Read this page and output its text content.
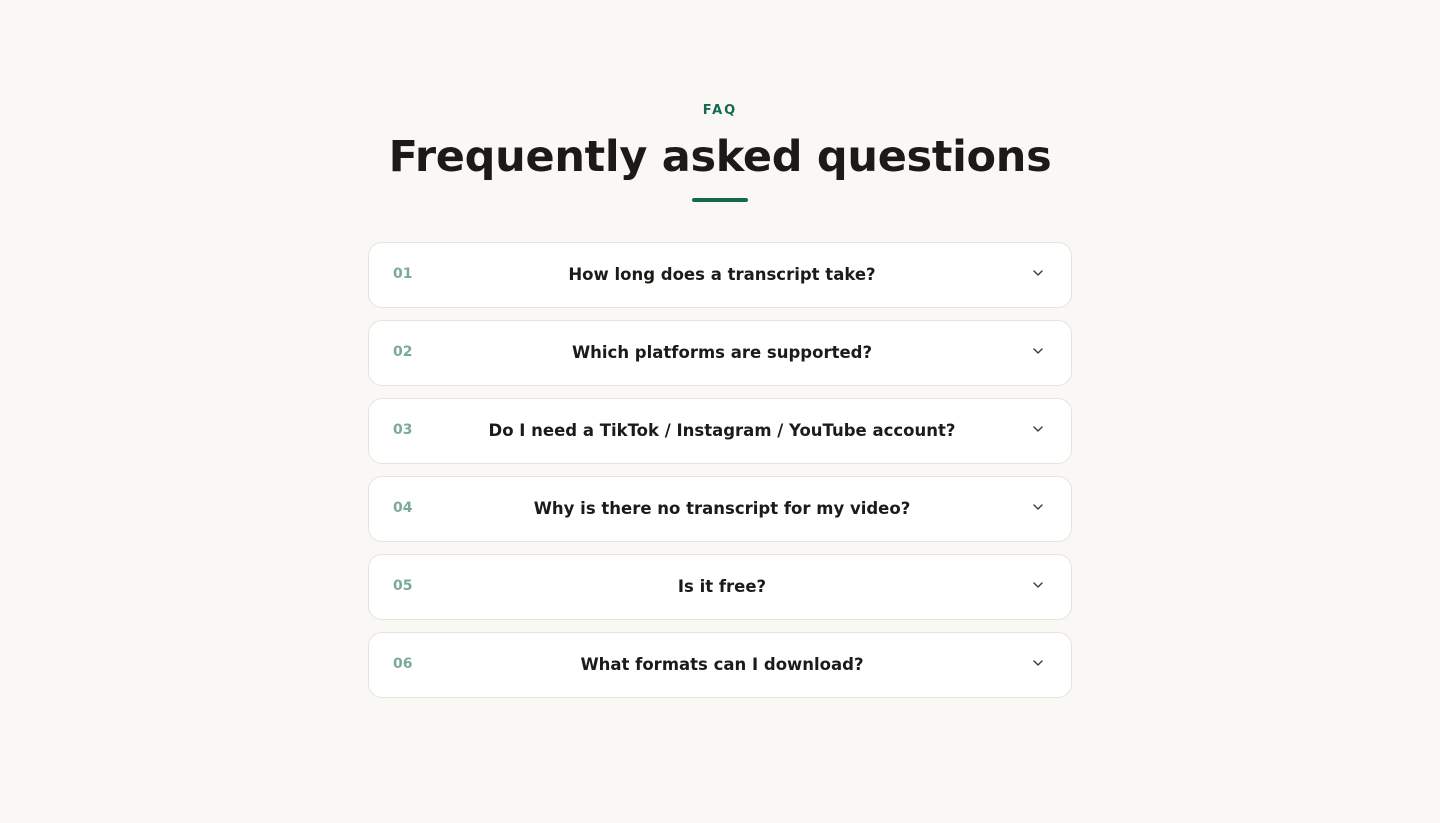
FAQ
Frequently asked questions
01	How long does a transcript take?
02	Which platforms are supported?
03	Do I need a TikTok / Instagram / YouTube account?
04	Why is there no transcript for my video?
05	Is it free?
06	What formats can I download?
